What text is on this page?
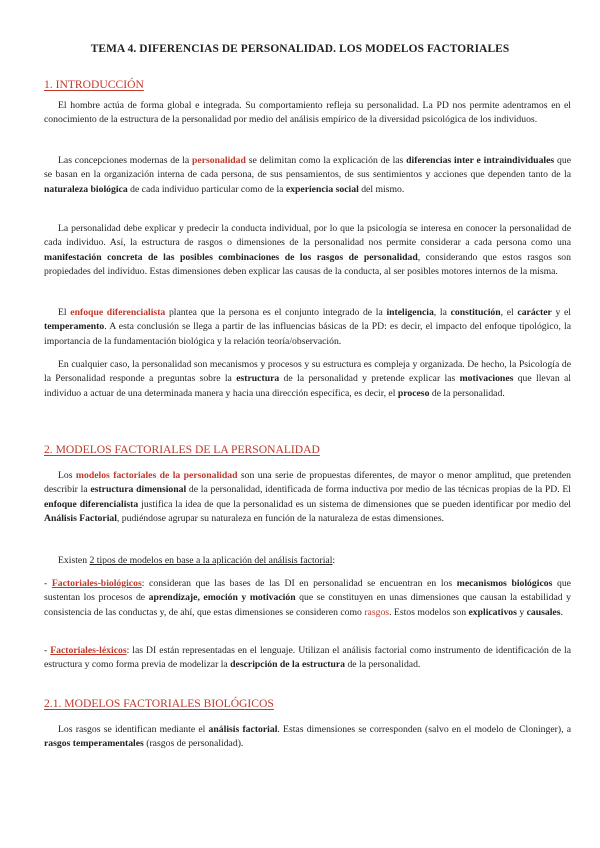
TEMA 4. DIFERENCIAS DE PERSONALIDAD. LOS MODELOS FACTORIALES
1. INTRODUCCIÓN

El hombre actúa de forma global e integrada. Su comportamiento refleja su personalidad. La PD nos permite adentramos en el conocimiento de la estructura de la personalidad por medio del análisis empírico de la diversidad psicológica de los individuos.

Las concepciones modernas de la personalidad se delimitan como la explicación de las diferencias inter e intraindividuales que se basan en la organización interna de cada persona, de sus pensamientos, de sus sentimientos y acciones que dependen tanto de la naturaleza biológica de cada individuo particular como de la experiencia social del mismo.

La personalidad debe explicar y predecir la conducta individual, por lo que la psicología se interesa en conocer la personalidad de cada individuo. Así, la estructura de rasgos o dimensiones de la personalidad nos permite considerar a cada persona como una manifestación concreta de las posibles combinaciones de los rasgos de personalidad, considerando que estos rasgos son propiedades del individuo. Estas dimensiones deben explicar las causas de la conducta, al ser posibles motores internos de la misma.

El enfoque diferencialista plantea que la persona es el conjunto integrado de la inteligencia, la constitución, el carácter y el temperamento. A esta conclusión se llega a partir de las influencias básicas de la PD: es decir, el impacto del enfoque tipológico, la importancia de la fundamentación biológica y la relación teoría/observación.

En cualquier caso, la personalidad son mecanismos y procesos y su estructura es compleja y organizada. De hecho, la Psicología de la Personalidad responde a preguntas sobre la estructura de la personalidad y pretende explicar las motivaciones que llevan al individuo a actuar de una determinada manera y hacia una dirección específica, es decir, el proceso de la personalidad.

2. MODELOS FACTORIALES DE LA PERSONALIDAD

Los modelos factoriales de la personalidad son una serie de propuestas diferentes, de mayor o menor amplitud, que pretenden describir la estructura dimensional de la personalidad, identificada de forma inductiva por medio de las técnicas propias de la PD. El enfoque diferencialista justifica la idea de que la personalidad es un sistema de dimensiones que se pueden identificar por medio del Análisis Factorial, pudiéndose agrupar su naturaleza en función de la naturaleza de estas dimensiones.

Existen 2 tipos de modelos en base a la aplicación del análisis factorial:

- Factoriales-biológicos: consideran que las bases de las DI en personalidad se encuentran en los mecanismos biológicos que sustentan los procesos de aprendizaje, emoción y motivación que se constituyen en unas dimensiones que causan la estabilidad y consistencia de las conductas y, de ahí, que estas dimensiones se consideren como rasgos. Estos modelos son explicativos y causales.

- Factoriales-léxicos: las DI están representadas en el lenguaje. Utilizan el análisis factorial como instrumento de identificación de la estructura y como forma previa de modelizar la descripción de la estructura de la personalidad.

2.1. MODELOS FACTORIALES BIOLÓGICOS

Los rasgos se identifican mediante el análisis factorial. Estas dimensiones se corresponden (salvo en el modelo de Cloninger), a rasgos temperamentales (rasgos de personalidad).
